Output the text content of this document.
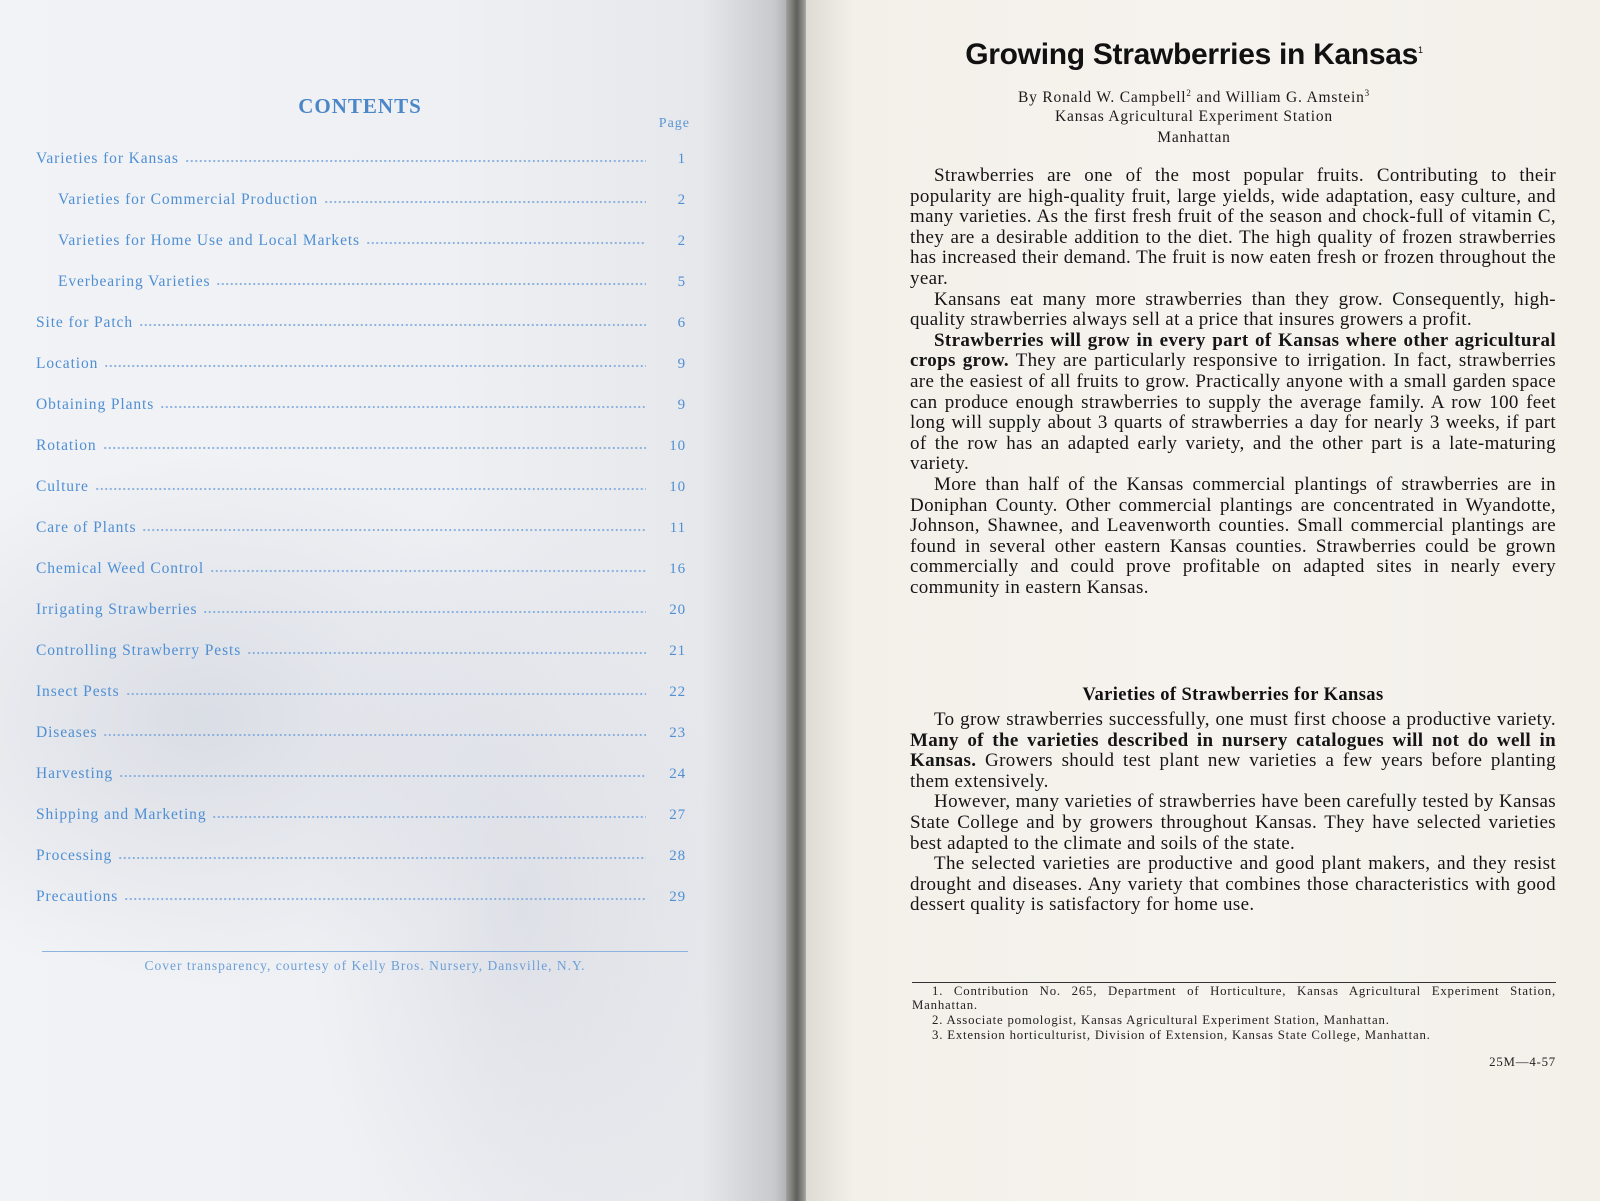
CONTENTS
Page
Varieties for Kansas	1
Varieties for Commercial Production	2
Varieties for Home Use and Local Markets	2
Everbearing Varieties	5
Site for Patch	6
Location	9
Obtaining Plants	9
Rotation	10
Culture	10
Care of Plants	11
Chemical Weed Control	16
Irrigating Strawberries	20
Controlling Strawberry Pests	21
Insect Pests	22
Diseases	23
Harvesting	24
Shipping and Marketing	27
Processing	28
Precautions	29
Cover transparency, courtesy of Kelly Bros. Nursery, Dansville, N.Y.
Growing Strawberries in Kansas$^1$
By Ronald W. Campbell$^2$ and William G. Amstein$^3$
Kansas Agricultural Experiment Station
Manhattan

Strawberries are one of the most popular fruits. Contributing to their popularity are high-quality fruit, large yields, wide adaptation, easy culture, and many varieties. As the first fresh fruit of the season and chock-full of vitamin C, they are a desirable addition to the diet. The high quality of frozen strawberries has increased their demand. The fruit is now eaten fresh or frozen throughout the year.

Kansans eat many more strawberries than they grow. Consequently, high-quality strawberries always sell at a price that insures growers a profit.

Strawberries will grow in every part of Kansas where other agricultural crops grow. They are particularly responsive to irrigation. In fact, strawberries are the easiest of all fruits to grow. Practically anyone with a small garden space can produce enough strawberries to supply the average family. A row 100 feet long will supply about 3 quarts of strawberries a day for nearly 3 weeks, if part of the row has an adapted early variety, and the other part is a late-maturing variety.

More than half of the Kansas commercial plantings of strawberries are in Doniphan County. Other commercial plantings are concentrated in Wyandotte, Johnson, Shawnee, and Leavenworth counties. Small commercial plantings are found in several other eastern Kansas counties. Strawberries could be grown commercially and could prove profitable on adapted sites in nearly every community in eastern Kansas.

Varieties of Strawberries for Kansas

To grow strawberries successfully, one must first choose a productive variety. Many of the varieties described in nursery catalogues will not do well in Kansas. Growers should test plant new varieties a few years before planting them extensively.

However, many varieties of strawberries have been carefully tested by Kansas State College and by growers throughout Kansas. They have selected varieties best adapted to the climate and soils of the state.

The selected varieties are productive and good plant makers, and they resist drought and diseases. Any variety that combines those characteristics with good dessert quality is satisfactory for home use.

1. Contribution No. 265, Department of Horticulture, Kansas Agricultural Experiment Station, Manhattan.

2. Associate pomologist, Kansas Agricultural Experiment Station, Manhattan.

3. Extension horticulturist, Division of Extension, Kansas State College, Manhattan.

25M—4-57
